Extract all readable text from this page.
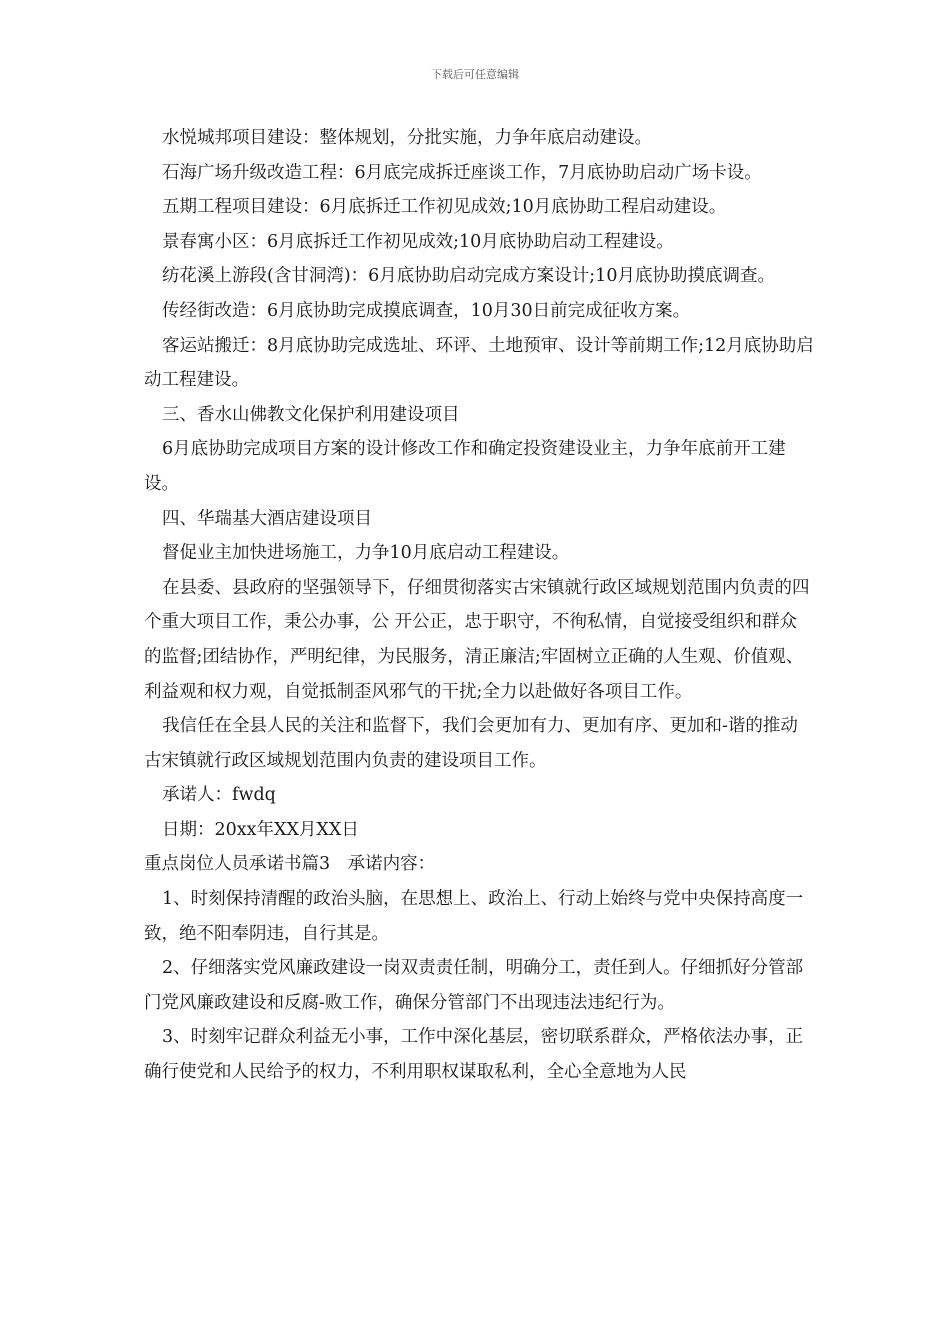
下载后可任意编辑

水悦城邦项目建设：整体规划，分批实施，力争年底启动建设。

石海广场升级改造工程：6月底完成拆迁座谈工作，7月底协助启动广场卡设。

五期工程项目建设：6月底拆迁工作初见成效;10月底协助工程启动建设。

景春寓小区：6月底拆迁工作初见成效;10月底协助启动工程建设。

纺花溪上游段(含甘洞湾)：6月底协助启动完成方案设计;10月底协助摸底调查。

传经街改造：6月底协助完成摸底调查，10月30日前完成征收方案。

客运站搬迁：8月底协助完成选址、环评、土地预审、设计等前期工作;12月底协助启动工程建设。

三、香水山佛教文化保护利用建设项目

6月底协助完成项目方案的设计修改工作和确定投资建设业主，力争年底前开工建设。

四、华瑞基大酒店建设项目

督促业主加快进场施工，力争10月底启动工程建设。

在县委、县政府的坚强领导下，仔细贯彻落实古宋镇就行政区域规划范围内负责的四个重大项目工作，秉公办事，公 开公正，忠于职守，不徇私情，自觉接受组织和群众的监督;团结协作，严明纪律，为民服务，清正廉洁;牢固树立正确的人生观、价值观、利益观和权力观，自觉抵制歪风邪气的干扰;全力以赴做好各项目工作。

我信任在全县人民的关注和监督下，我们会更加有力、更加有序、更加和-谐的推动古宋镇就行政区域规划范围内负责的建设项目工作。

承诺人：fwdq

日期：20xx年XX月XX日

重点岗位人员承诺书篇3　承诺内容：

1、时刻保持清醒的政治头脑，在思想上、政治上、行动上始终与党中央保持高度一致，绝不阳奉阴违，自行其是。

2、仔细落实党风廉政建设一岗双责责任制，明确分工，责任到人。仔细抓好分管部门党风廉政建设和反腐-败工作，确保分管部门不出现违法违纪行为。

3、时刻牢记群众利益无小事，工作中深化基层，密切联系群众，严格依法办事，正确行使党和人民给予的权力，不利用职权谋取私利，全心全意地为人民
